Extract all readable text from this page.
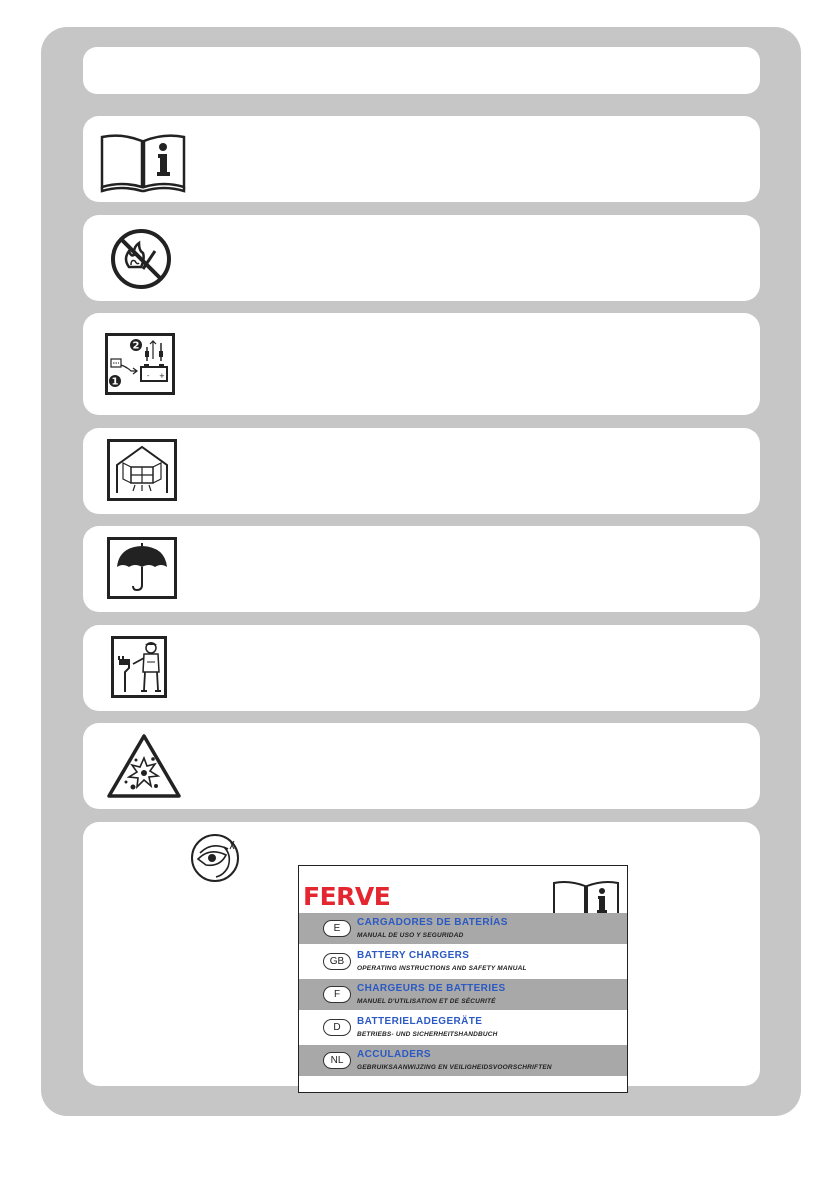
- +
2
1
FERVE
E
CARGADORES DE BATERÍAS
MANUAL DE USO Y SEGURIDAD
GB
BATTERY CHARGERS
OPERATING INSTRUCTIONS AND SAFETY MANUAL
F
CHARGEURS DE BATTERIES
MANUEL D'UTILISATION ET DE SÉCURITÉ
D
BATTERIELADEGERÄTE
BETRIEBS- UND SICHERHEITSHANDBUCH
NL
ACCULADERS
GEBRUIKSAANWIJZING EN VEILIGHEIDSVOORSCHRIFTEN
